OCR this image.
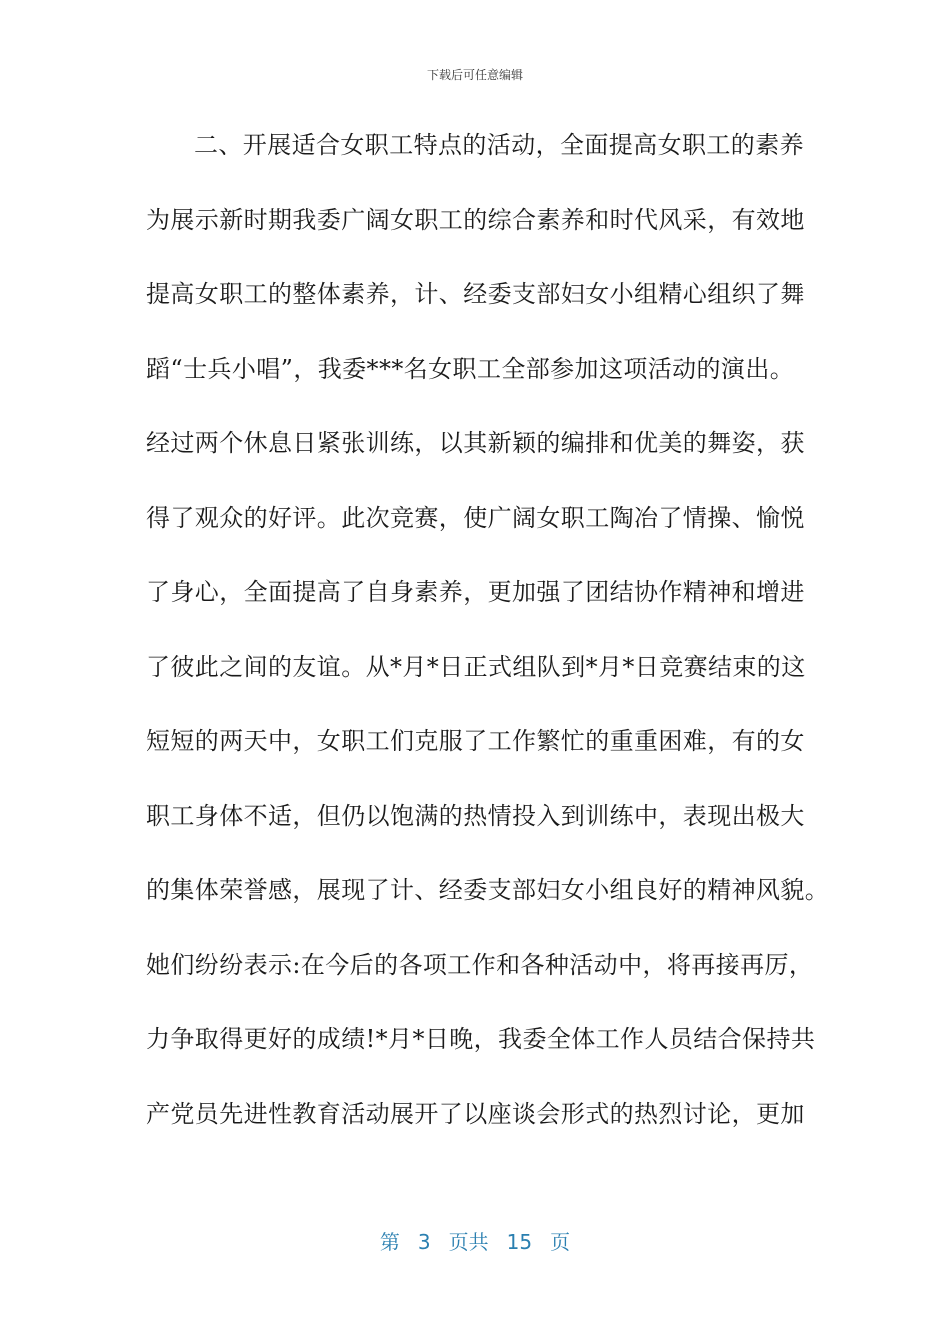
下载后可任意编辑
二、开展适合女职工特点的活动，全面提高女职工的素养
为展示新时期我委广阔女职工的综合素养和时代风采，有效地
提高女职工的整体素养，计、经委支部妇女小组精心组织了舞
蹈“士兵小唱”，我委***名女职工全部参加这项活动的演出。
经过两个休息日紧张训练，以其新颖的编排和优美的舞姿，获
得了观众的好评。此次竞赛，使广阔女职工陶冶了情操、愉悦
了身心，全面提高了自身素养，更加强了团结协作精神和增进
了彼此之间的友谊。从*月*日正式组队到*月*日竞赛结束的这
短短的两天中，女职工们克服了工作繁忙的重重困难，有的女
职工身体不适，但仍以饱满的热情投入到训练中，表现出极大
的集体荣誉感，展现了计、经委支部妇女小组良好的精神风貌。
她们纷纷表示:在今后的各项工作和各种活动中，将再接再厉，
力争取得更好的成绩!*月*日晚，我委全体工作人员结合保持共
产党员先进性教育活动展开了以座谈会形式的热烈讨论，更加
第 3 页共 15 页
